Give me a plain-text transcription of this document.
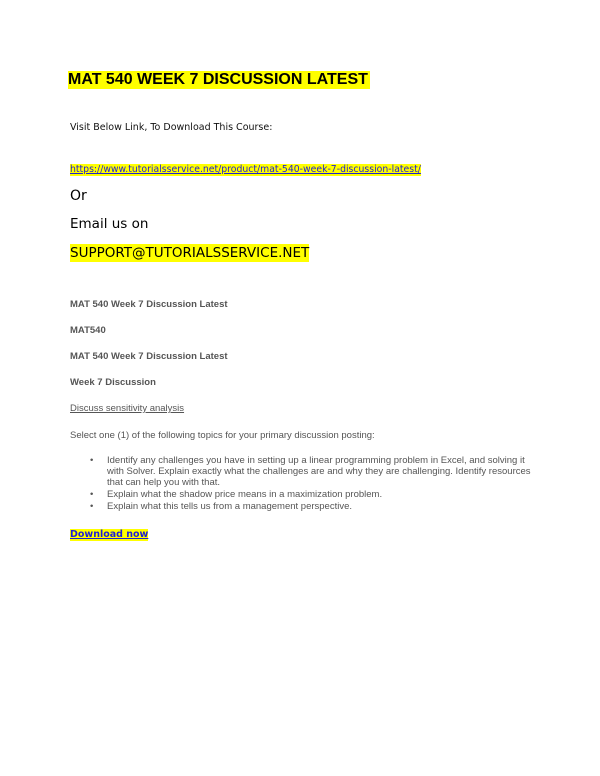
MAT 540 WEEK 7 DISCUSSION LATEST
Visit Below Link, To Download This Course:
https://www.tutorialsservice.net/product/mat-540-week-7-discussion-latest/
Or
Email us on
SUPPORT@TUTORIALSSERVICE.NET
MAT 540 Week 7 Discussion Latest
MAT540
MAT 540 Week 7 Discussion Latest
Week 7 Discussion
Discuss sensitivity analysis
Select one (1) of the following topics for your primary discussion posting:
• Identify any challenges you have in setting up a linear programming problem in Excel, and solving it with Solver. Explain exactly what the challenges are and why they are challenging. Identify resources that can help you with that.
• Explain what the shadow price means in a maximization problem.
• Explain what this tells us from a management perspective.
Download now
